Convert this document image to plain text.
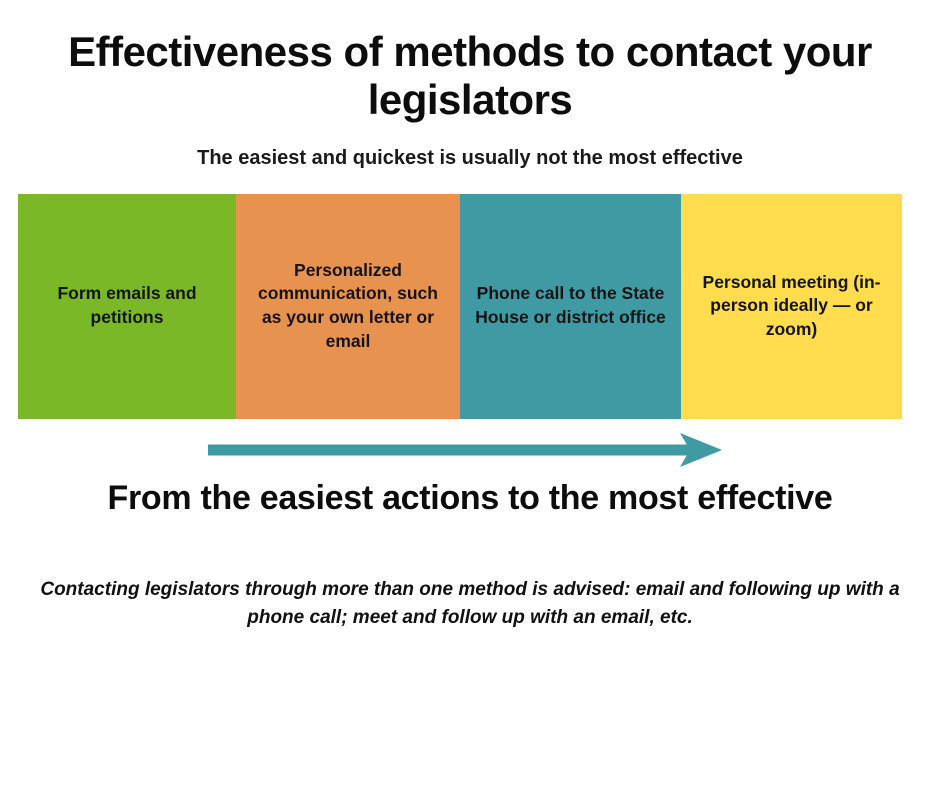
Effectiveness of methods to contact your legislators
The easiest and quickest is usually not the most effective
Form emails and petitions
Personalized communication, such as your own letter or email
Phone call to the State House or district office
Personal meeting (in-person ideally — or zoom)
From the easiest actions to the most effective
Contacting legislators through more than one method is advised: email and following up with a phone call; meet and follow up with an email, etc.
